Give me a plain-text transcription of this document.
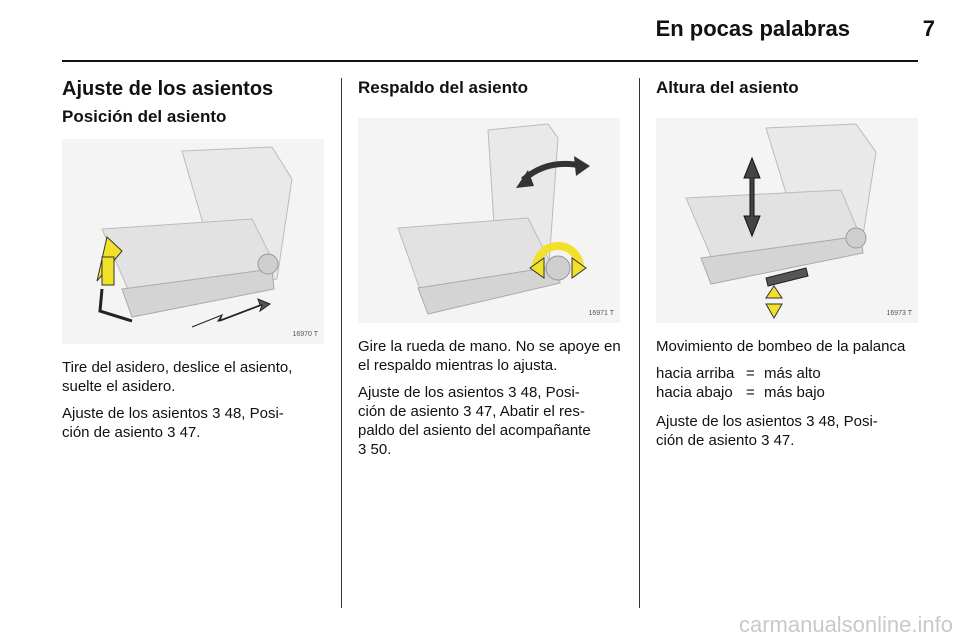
En pocas palabras	7
Ajuste de los asientos
Posición del asiento
16970 T
Tire del asidero, deslice el asiento, suelte el asidero.
Ajuste de los asientos 3 48, Posi-
ción de asiento 3 47.
Respaldo del asiento
16971 T
Gire la rueda de mano. No se apoye en el respaldo mientras lo ajusta.
Ajuste de los asientos 3 48, Posi-
ción de asiento 3 47, Abatir el res-
paldo del asiento del acompañante
3 50.
Altura del asiento
16973 T
Movimiento de bombeo de la palanca
hacia arriba = más alto
hacia abajo = más bajo
Ajuste de los asientos 3 48, Posi-
ción de asiento 3 47.
carmanualsonline.info
